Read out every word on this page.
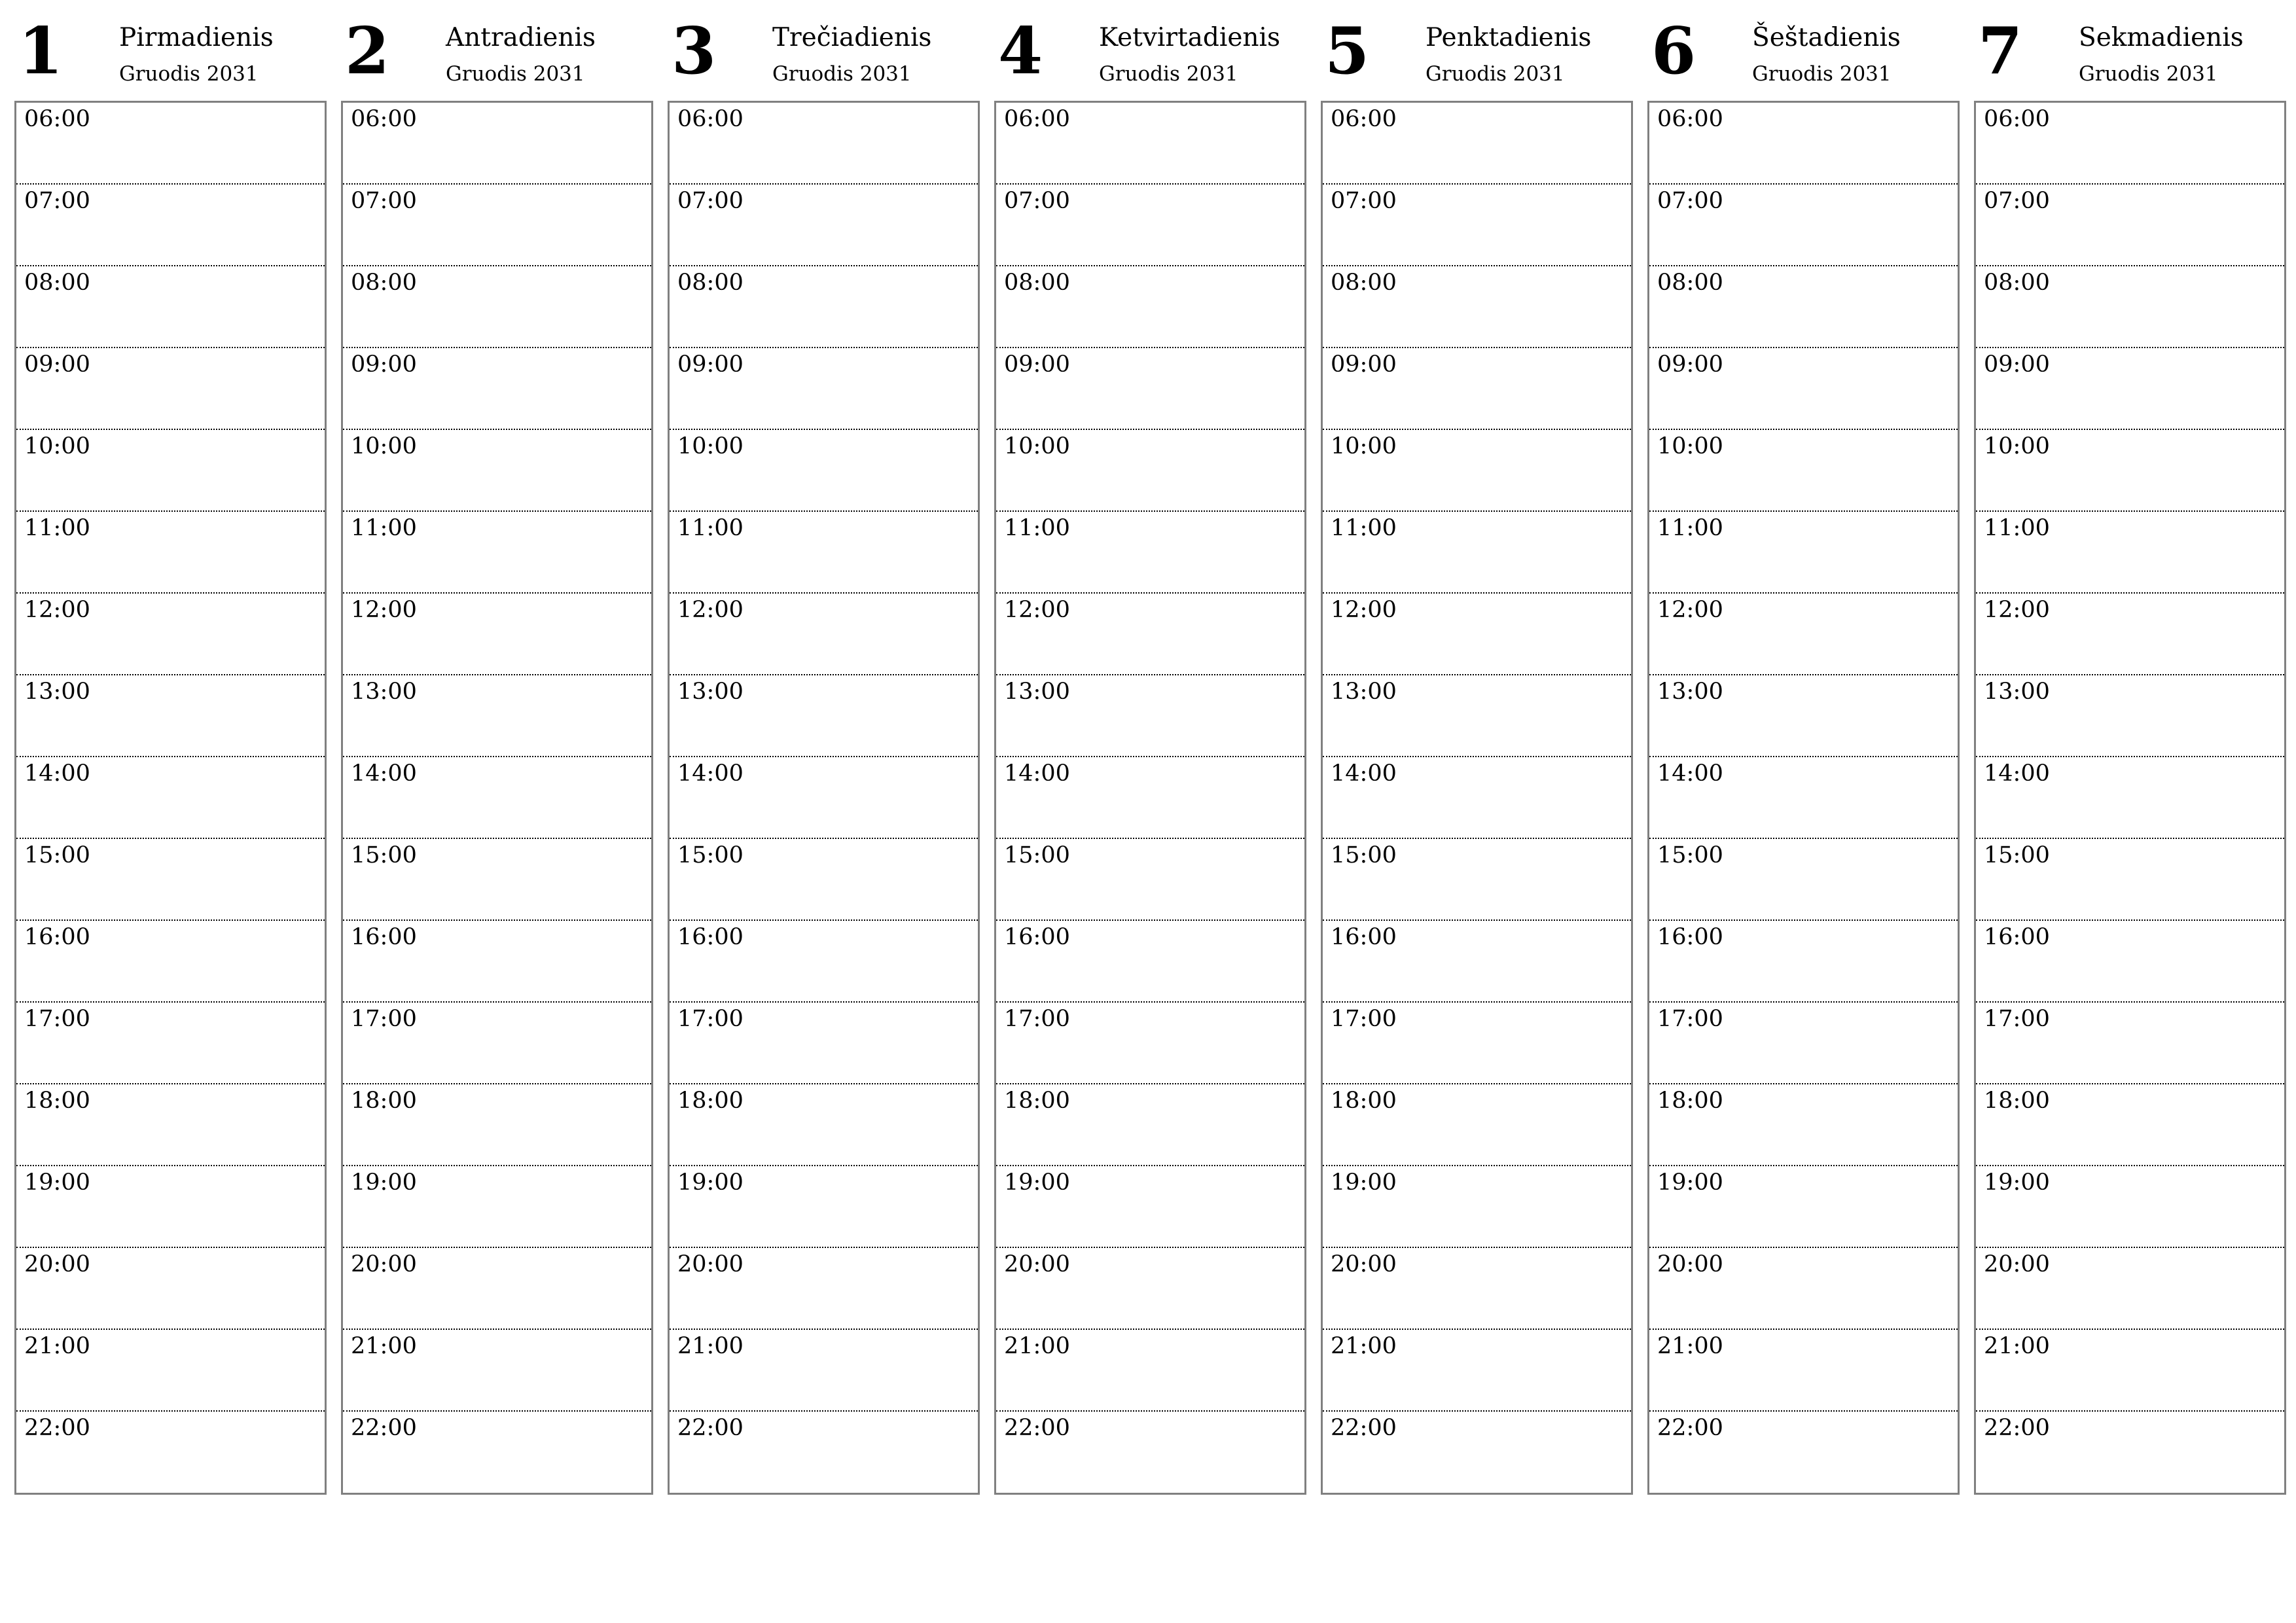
1 Pirmadienis
Gruodis 2031
06:00
07:00
08:00
09:00
10:00
11:00
12:00
13:00
14:00
15:00
16:00
17:00
18:00
19:00
20:00
21:00
22:00
2 Antradienis
Gruodis 2031
06:00
07:00
08:00
09:00
10:00
11:00
12:00
13:00
14:00
15:00
16:00
17:00
18:00
19:00
20:00
21:00
22:00
3 Trečiadienis
Gruodis 2031
06:00
07:00
08:00
09:00
10:00
11:00
12:00
13:00
14:00
15:00
16:00
17:00
18:00
19:00
20:00
21:00
22:00
4 Ketvirtadienis
Gruodis 2031
06:00
07:00
08:00
09:00
10:00
11:00
12:00
13:00
14:00
15:00
16:00
17:00
18:00
19:00
20:00
21:00
22:00
5 Penktadienis
Gruodis 2031
06:00
07:00
08:00
09:00
10:00
11:00
12:00
13:00
14:00
15:00
16:00
17:00
18:00
19:00
20:00
21:00
22:00
6 Šeštadienis
Gruodis 2031
06:00
07:00
08:00
09:00
10:00
11:00
12:00
13:00
14:00
15:00
16:00
17:00
18:00
19:00
20:00
21:00
22:00
7 Sekmadienis
Gruodis 2031
06:00
07:00
08:00
09:00
10:00
11:00
12:00
13:00
14:00
15:00
16:00
17:00
18:00
19:00
20:00
21:00
22:00
